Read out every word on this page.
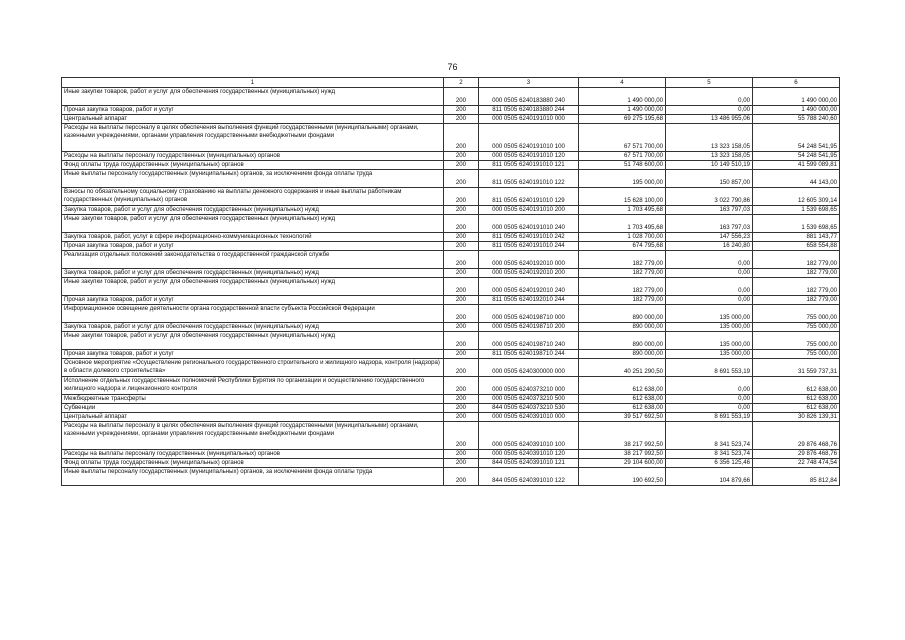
76
1	2	3	4	5	6
Иные закупки товаров, работ и услуг для обеспечения государственных (муниципальных) нужд	200	000 0505 6240183880 240	1 490 000,00	0,00	1 490 000,00
Прочая закупка товаров, работ и услуг	200	811 0505 6240183880 244	1 490 000,00	0,00	1 490 000,00
Центральный аппарат	200	000 0505 6240191010 000	69 275 195,68	13 486 955,06	55 788 240,60
Расходы на выплаты персоналу в целях обеспечения выполнения функций государственными (муниципальными) органами, казенными учреждениями, органами управления государственными внебюджетными фондами	200	000 0505 6240191010 100	67 571 700,00	13 323 158,05	54 248 541,95
Расходы на выплаты персоналу государственных (муниципальных) органов	200	000 0505 6240191010 120	67 571 700,00	13 323 158,05	54 248 541,95
Фонд оплаты труда государственных (муниципальных) органов	200	811 0505 6240191010 121	51 748 600,00	10 149 510,19	41 599 089,81
Иные выплаты персоналу государственных (муниципальных) органов, за исключением фонда оплаты труда	200	811 0505 6240191010 122	195 000,00	150 857,00	44 143,00
Взносы по обязательному социальному страхованию на выплаты денежного содержания и иные выплаты работникам государственных (муниципальных) органов	200	811 0505 6240191010 129	15 628 100,00	3 022 790,86	12 605 309,14
Закупка товаров, работ и услуг для обеспечения государственных (муниципальных) нужд	200	000 0505 6240191010 200	1 703 495,68	163 797,03	1 539 698,65
Иные закупки товаров, работ и услуг для обеспечения государственных (муниципальных) нужд	200	000 0505 6240191010 240	1 703 495,68	163 797,03	1 539 698,65
Закупка товаров, работ, услуг в сфере информационно-коммуникационных технологий	200	811 0505 6240191010 242	1 028 700,00	147 556,23	881 143,77
Прочая закупка товаров, работ и услуг	200	811 0505 6240191010 244	674 795,68	16 240,80	658 554,88
Реализация отдельных положений законодательства о государственной гражданской службе	200	000 0505 6240192010 000	182 779,00	0,00	182 779,00
Закупка товаров, работ и услуг для обеспечения государственных (муниципальных) нужд	200	000 0505 6240192010 200	182 779,00	0,00	182 779,00
Иные закупки товаров, работ и услуг для обеспечения государственных (муниципальных) нужд	200	000 0505 6240192010 240	182 779,00	0,00	182 779,00
Прочая закупка товаров, работ и услуг	200	811 0505 6240192010 244	182 779,00	0,00	182 779,00
Информационное освещение деятельности органа государственной власти субъекта Российской Федерации	200	000 0505 6240198710 000	890 000,00	135 000,00	755 000,00
Закупка товаров, работ и услуг для обеспечения государственных (муниципальных) нужд	200	000 0505 6240198710 200	890 000,00	135 000,00	755 000,00
Иные закупки товаров, работ и услуг для обеспечения государственных (муниципальных) нужд	200	000 0505 6240198710 240	890 000,00	135 000,00	755 000,00
Прочая закупка товаров, работ и услуг	200	811 0505 6240198710 244	890 000,00	135 000,00	755 000,00
Основное мероприятие «Осуществление регионального государственного строительного и жилищного надзора, контроля (надзора) в области долевого строительства»	200	000 0505 6240300000 000	40 251 290,50	8 691 553,19	31 559 737,31
Исполнение отдельных государственных полномочий Республики Бурятия по организации и осуществлению государственного жилищного надзора и лицензионного контроля	200	000 0505 6240373210 000	612 638,00	0,00	612 638,00
Межбюджетные трансферты	200	000 0505 6240373210 500	612 638,00	0,00	612 638,00
Субвенции	200	844 0505 6240373210 530	612 638,00	0,00	612 638,00
Центральный аппарат	200	000 0505 6240391010 000	39 517 692,50	8 691 553,19	30 826 139,31
Расходы на выплаты персоналу в целях обеспечения выполнения функций государственными (муниципальными) органами, казенными учреждениями, органами управления государственными внебюджетными фондами	200	000 0505 6240391010 100	38 217 992,50	8 341 523,74	29 876 468,76
Расходы на выплаты персоналу государственных (муниципальных) органов	200	000 0505 6240391010 120	38 217 992,50	8 341 523,74	29 876 468,76
Фонд оплаты труда государственных (муниципальных) органов	200	844 0505 6240391010 121	29 104 600,00	6 356 125,46	22 748 474,54
Иные выплаты персоналу государственных (муниципальных) органов, за исключением фонда оплаты труда	200	844 0505 6240391010 122	190 692,50	104 879,66	85 812,84
